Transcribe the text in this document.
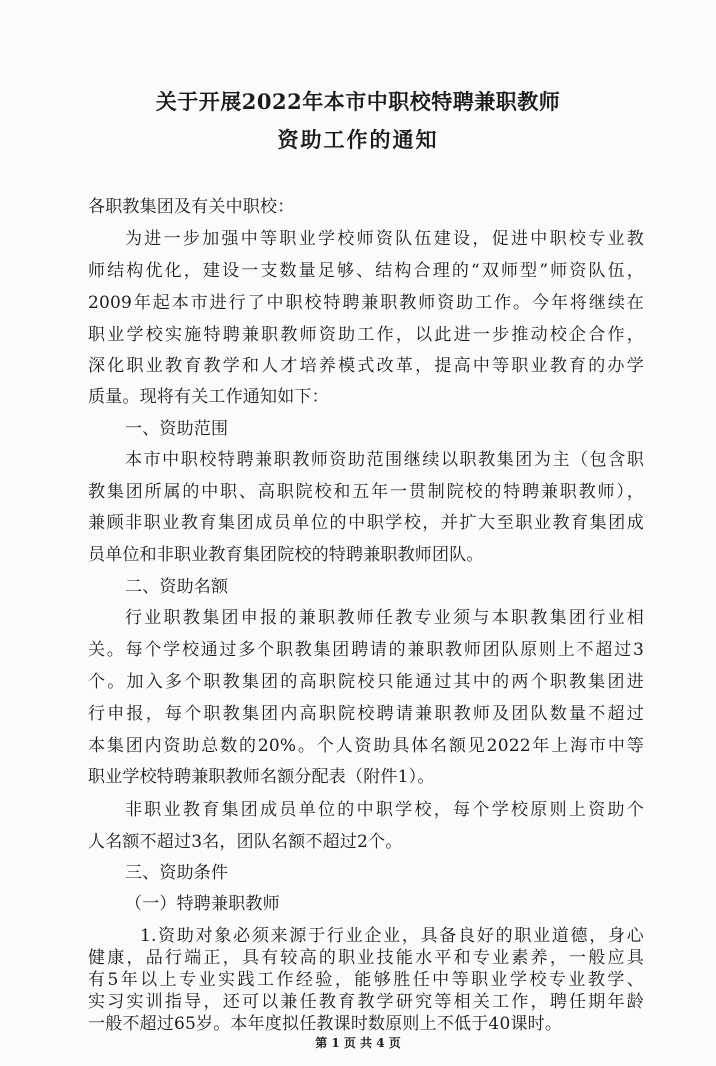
关于开展2022年本市中职校特聘兼职教师
资助工作的通知
各职教集团及有关中职校：
为进一步加强中等职业学校师资队伍建设，促进中职校专业教
师结构优化，建设一支数量足够、结构合理的“双师型”师资队伍，
2009年起本市进行了中职校特聘兼职教师资助工作。今年将继续在
职业学校实施特聘兼职教师资助工作，以此进一步推动校企合作，
深化职业教育教学和人才培养模式改革，提高中等职业教育的办学
质量。现将有关工作通知如下：
一、资助范围
本市中职校特聘兼职教师资助范围继续以职教集团为主（包含职
教集团所属的中职、高职院校和五年一贯制院校的特聘兼职教师），
兼顾非职业教育集团成员单位的中职学校，并扩大至职业教育集团成
员单位和非职业教育集团院校的特聘兼职教师团队。
二、资助名额
行业职教集团申报的兼职教师任教专业须与本职教集团行业相
关。每个学校通过多个职教集团聘请的兼职教师团队原则上不超过3
个。加入多个职教集团的高职院校只能通过其中的两个职教集团进
行申报，每个职教集团内高职院校聘请兼职教师及团队数量不超过
本集团内资助总数的20%。个人资助具体名额见2022年上海市中等
职业学校特聘兼职教师名额分配表（附件1）。
非职业教育集团成员单位的中职学校，每个学校原则上资助个
人名额不超过3名，团队名额不超过2个。
三、资助条件
（一）特聘兼职教师
第 1 页 共 4 页
1.资助对象必须来源于行业企业，具备良好的职业道德，身心
健康，品行端正，具有较高的职业技能水平和专业素养，一般应具
有5年以上专业实践工作经验，能够胜任中等职业学校专业教学、
实习实训指导，还可以兼任教育教学研究等相关工作，聘任期年龄
一般不超过65岁。本年度拟任教课时数原则上不低于40课时。
